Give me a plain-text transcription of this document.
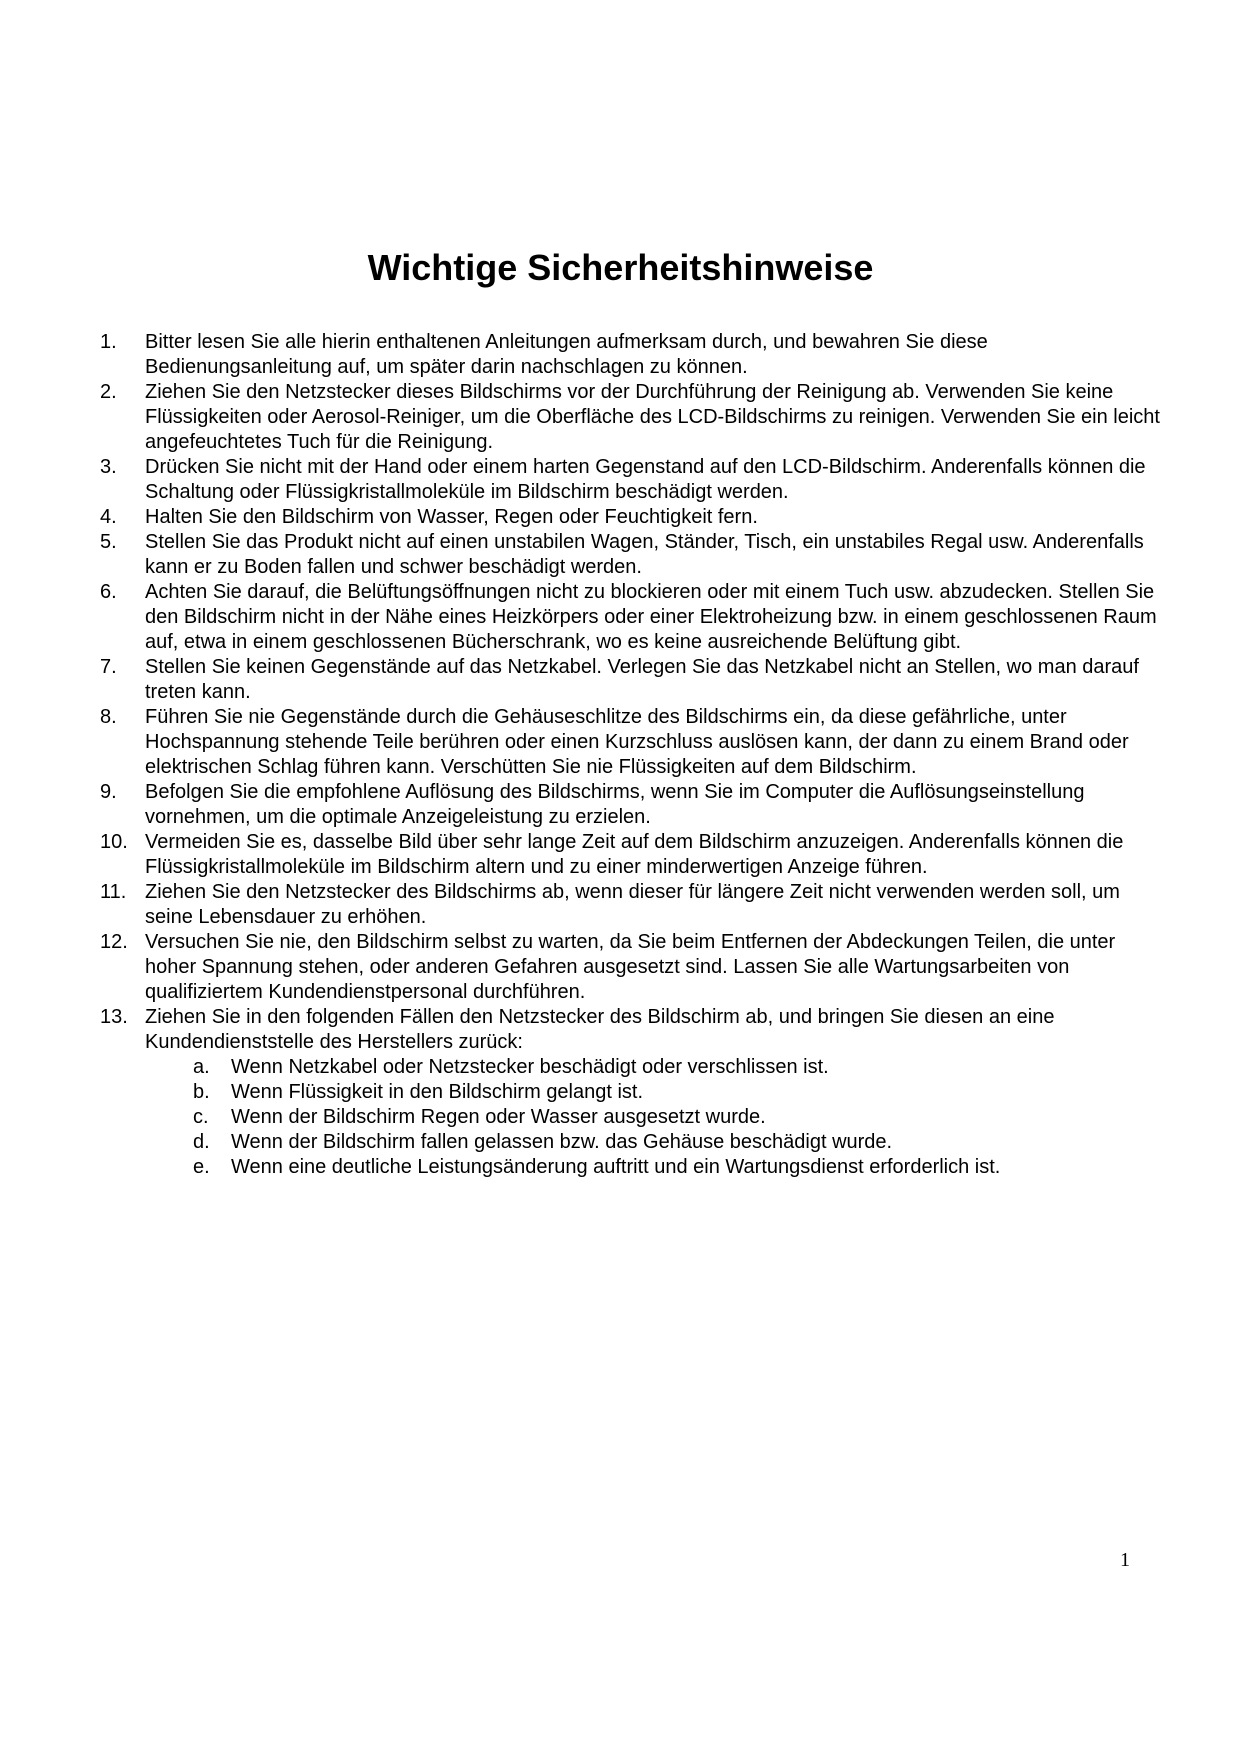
Wichtige Sicherheitshinweise
1.	Bitter lesen Sie alle hierin enthaltenen Anleitungen aufmerksam durch, und bewahren Sie diese Bedienungsanleitung auf, um später darin nachschlagen zu können.
2.	Ziehen Sie den Netzstecker dieses Bildschirms vor der Durchführung der Reinigung ab. Verwenden Sie keine Flüssigkeiten oder Aerosol-Reiniger, um die Oberfläche des LCD-Bildschirms zu reinigen. Verwenden Sie ein leicht angefeuchtetes Tuch für die Reinigung.
3.	Drücken Sie nicht mit der Hand oder einem harten Gegenstand auf den LCD-Bildschirm. Anderenfalls können die Schaltung oder Flüssigkristallmoleküle im Bildschirm beschädigt werden.
4.	Halten Sie den Bildschirm von Wasser, Regen oder Feuchtigkeit fern.
5.	Stellen Sie das Produkt nicht auf einen unstabilen Wagen, Ständer, Tisch, ein unstabiles Regal usw. Anderenfalls kann er zu Boden fallen und schwer beschädigt werden.
6.	Achten Sie darauf, die Belüftungsöffnungen nicht zu blockieren oder mit einem Tuch usw. abzudecken. Stellen Sie den Bildschirm nicht in der Nähe eines Heizkörpers oder einer Elektroheizung bzw. in einem geschlossenen Raum auf, etwa in einem geschlossenen Bücherschrank, wo es keine ausreichende Belüftung gibt.
7.	Stellen Sie keinen Gegenstände auf das Netzkabel. Verlegen Sie das Netzkabel nicht an Stellen, wo man darauf treten kann.
8.	Führen Sie nie Gegenstände durch die Gehäuseschlitze des Bildschirms ein, da diese gefährliche, unter Hochspannung stehende Teile berühren oder einen Kurzschluss auslösen kann, der dann zu einem Brand oder elektrischen Schlag führen kann. Verschütten Sie nie Flüssigkeiten auf dem Bildschirm.
9.	Befolgen Sie die empfohlene Auflösung des Bildschirms, wenn Sie im Computer die Auflösungseinstellung vornehmen, um die optimale Anzeigeleistung zu erzielen.
10. Vermeiden Sie es, dasselbe Bild über sehr lange Zeit auf dem Bildschirm anzuzeigen. Anderenfalls können die Flüssigkristallmoleküle im Bildschirm altern und zu einer minderwertigen Anzeige führen.
11. Ziehen Sie den Netzstecker des Bildschirms ab, wenn dieser für längere Zeit nicht verwenden werden soll, um seine Lebensdauer zu erhöhen.
12. Versuchen Sie nie, den Bildschirm selbst zu warten, da Sie beim Entfernen der Abdeckungen Teilen, die unter hoher Spannung stehen, oder anderen Gefahren ausgesetzt sind. Lassen Sie alle Wartungsarbeiten von qualifiziertem Kundendienstpersonal durchführen.
13. Ziehen Sie in den folgenden Fällen den Netzstecker des Bildschirm ab, und bringen Sie diesen an eine Kundendienststelle des Herstellers zurück:
a. Wenn Netzkabel oder Netzstecker beschädigt oder verschlissen ist.
b. Wenn Flüssigkeit in den Bildschirm gelangt ist.
c. Wenn der Bildschirm Regen oder Wasser ausgesetzt wurde.
d. Wenn der Bildschirm fallen gelassen bzw. das Gehäuse beschädigt wurde.
e. Wenn eine deutliche Leistungsänderung auftritt und ein Wartungsdienst erforderlich ist.
1
